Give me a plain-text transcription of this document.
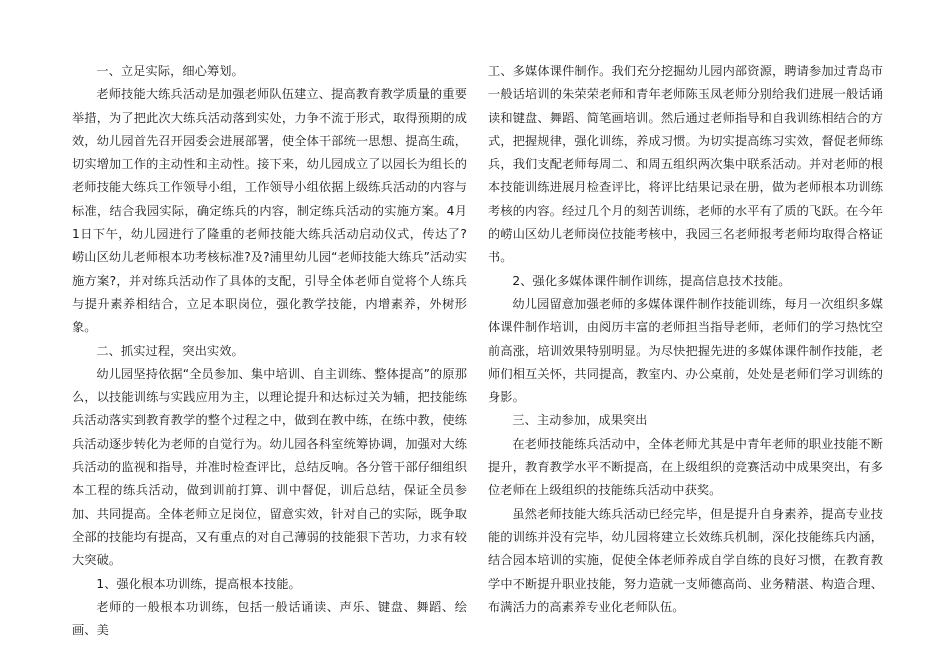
一、立足实际，细心筹划。

老师技能大练兵活动是加强老师队伍建立、提高教育教学质量的重要举措，为了把此次大练兵活动落到实处，力争不流于形式，取得预期的成效，幼儿园首先召开园委会进展部署，使全体干部统一思想、提高生疏，切实增加工作的主动性和主动性。接下来，幼儿园成立了以园长为组长的老师技能大练兵工作领导小组，工作领导小组依据上级练兵活动的内容与标准，结合我园实际，确定练兵的内容，制定练兵活动的实施方案。4月1日下午，幼儿园进行了隆重的老师技能大练兵活动启动仪式，传达了?崂山区幼儿老师根本功考核标准?及?浦里幼儿园“老师技能大练兵”活动实施方案?，并对练兵活动作了具体的支配，引导全体老师自觉将个人练兵与提升素养相结合，立足本职岗位，强化教学技能，内增素养，外树形象。

二、抓实过程，突出实效。

幼儿园坚持依据“全员参加、集中培训、自主训练、整体提高”的原那么，以技能训练与实践应用为主，以理论提升和达标过关为辅，把技能练兵活动落实到教育教学的整个过程之中，做到在教中练，在练中教，使练兵活动逐步转化为老师的自觉行为。幼儿园各科室统筹协调，加强对大练兵活动的监视和指导，并准时检查评比，总结反响。各分管干部仔细组织本工程的练兵活动，做到训前打算、训中督促，训后总结，保证全员参加、共同提高。全体老师立足岗位，留意实效，针对自己的实际，既争取全部的技能均有提高，又有重点的对自己薄弱的技能狠下苦功，力求有较大突破。

1、强化根本功训练，提高根本技能。

老师的一般根本功训练，包括一般话诵读、声乐、键盘、舞蹈、绘画、美

工、多媒体课件制作。我们充分挖掘幼儿园内部资源，聘请参加过青岛市一般话培训的朱荣荣老师和青年老师陈玉凤老师分别给我们进展一般话诵读和键盘、舞蹈、简笔画培训。然后通过老师指导和自我训练相结合的方式，把握规律，强化训练，养成习惯。为切实提高练习实效，督促老师练兵，我们支配老师每周二、和周五组织两次集中联系活动。并对老师的根本技能训练进展月检查评比，将评比结果记录在册，做为老师根本功训练考核的内容。经过几个月的刻苦训练，老师的水平有了质的飞跃。在今年的崂山区幼儿老师岗位技能考核中，我园三名老师报考老师均取得合格证书。

2、强化多媒体课件制作训练，提高信息技术技能。

幼儿园留意加强老师的多媒体课件制作技能训练，每月一次组织多媒体课件制作培训，由阅历丰富的老师担当指导老师，老师们的学习热忱空前高涨，培训效果特别明显。为尽快把握先进的多媒体课件制作技能，老师们相互关怀，共同提高，教室内、办公桌前，处处是老师们学习训练的身影。

三、主动参加，成果突出

在老师技能练兵活动中，全体老师尤其是中青年老师的职业技能不断提升，教育教学水平不断提高，在上级组织的竞赛活动中成果突出，有多位老师在上级组织的技能练兵活动中获奖。

虽然老师技能大练兵活动已经完毕，但是提升自身素养，提高专业技能的训练并没有完毕，幼儿园将建立长效练兵机制，深化技能练兵内涵，结合园本培训的实施，促使全体老师养成自学自练的良好习惯，在教育教学中不断提升职业技能，努力造就一支师德高尚、业务精湛、构造合理、布满活力的高素养专业化老师队伍。
